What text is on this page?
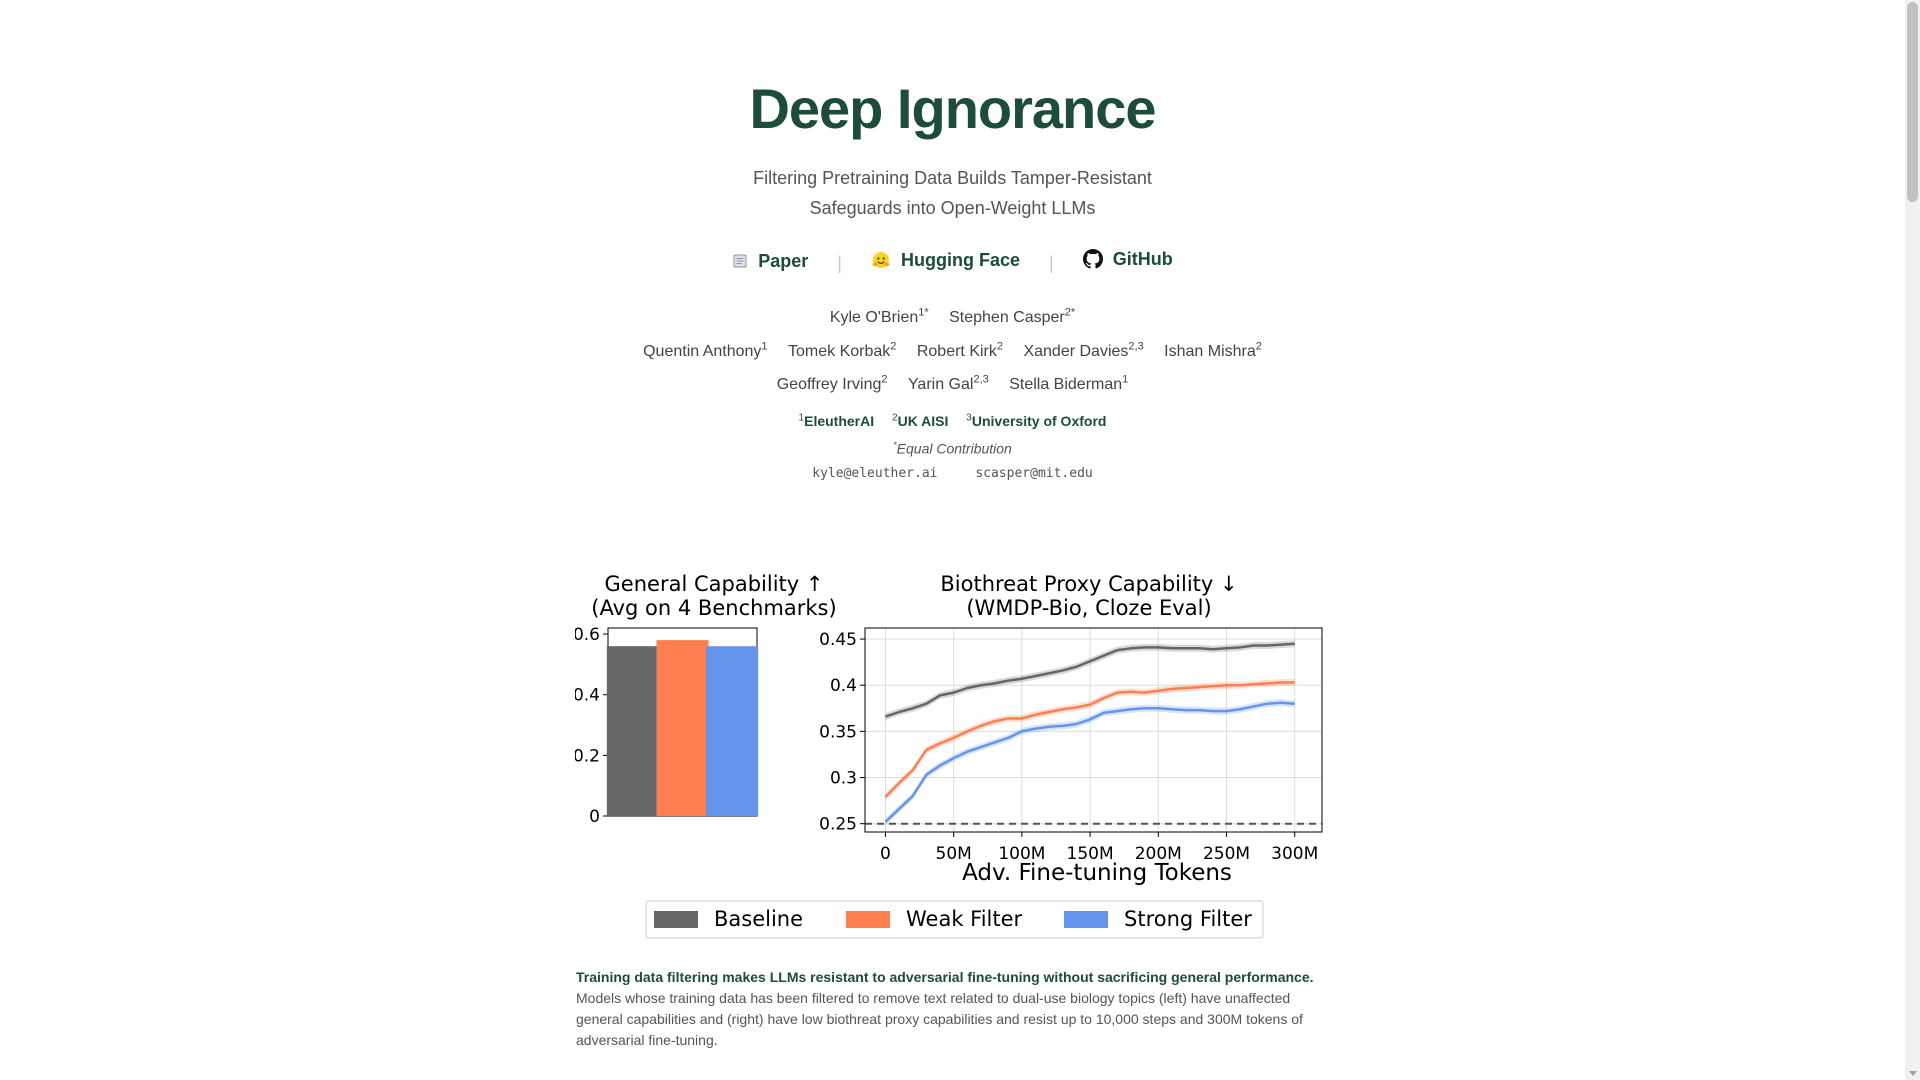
Deep Ignorance
Filtering Pretraining Data Builds Tamper-Resistant
Safeguards into Open-Weight LLMs
Paper |	Hugging Face |	GitHub
Kyle O'Brien$^{1*}$ Stephen Casper$^{2*}$
Quentin Anthony$^1$ Tomek Korbak$^2$ Robert Kirk$^2$ Xander Davies$^{2,3}$ Ishan Mishra$^2$
Geoffrey Irving$^2$ Yarin Gal$^{2,3}$ Stella Biderman$^1$
$^1$EleutherAI $^2$UK AISI $^3$University of Oxford
*Equal Contribution
kyle@eleuther.ai	scasper@mit.edu
General Capability ↑
(Avg on 4 Benchmarks)
Biothreat Proxy Capability ↓
(WMDP-Bio, Cloze Eval)
Adv. Fine-tuning Tokens
0
0.2
0.4
0.6
0	50M 100M 150M 200M 250M 300M
0.25
0.3
0.35
0.4
0.45
Baseline	Weak Filter	Strong Filter
Training data filtering makes LLMs resistant to adversarial fine-tuning without sacrificing general performance.
Models whose training data has been filtered to remove text related to dual-use biology topics (left) have unaffected general capabilities and (right) have low biothreat proxy capabilities and resist up to 10,000 steps and 300M tokens of adversarial fine-tuning.
